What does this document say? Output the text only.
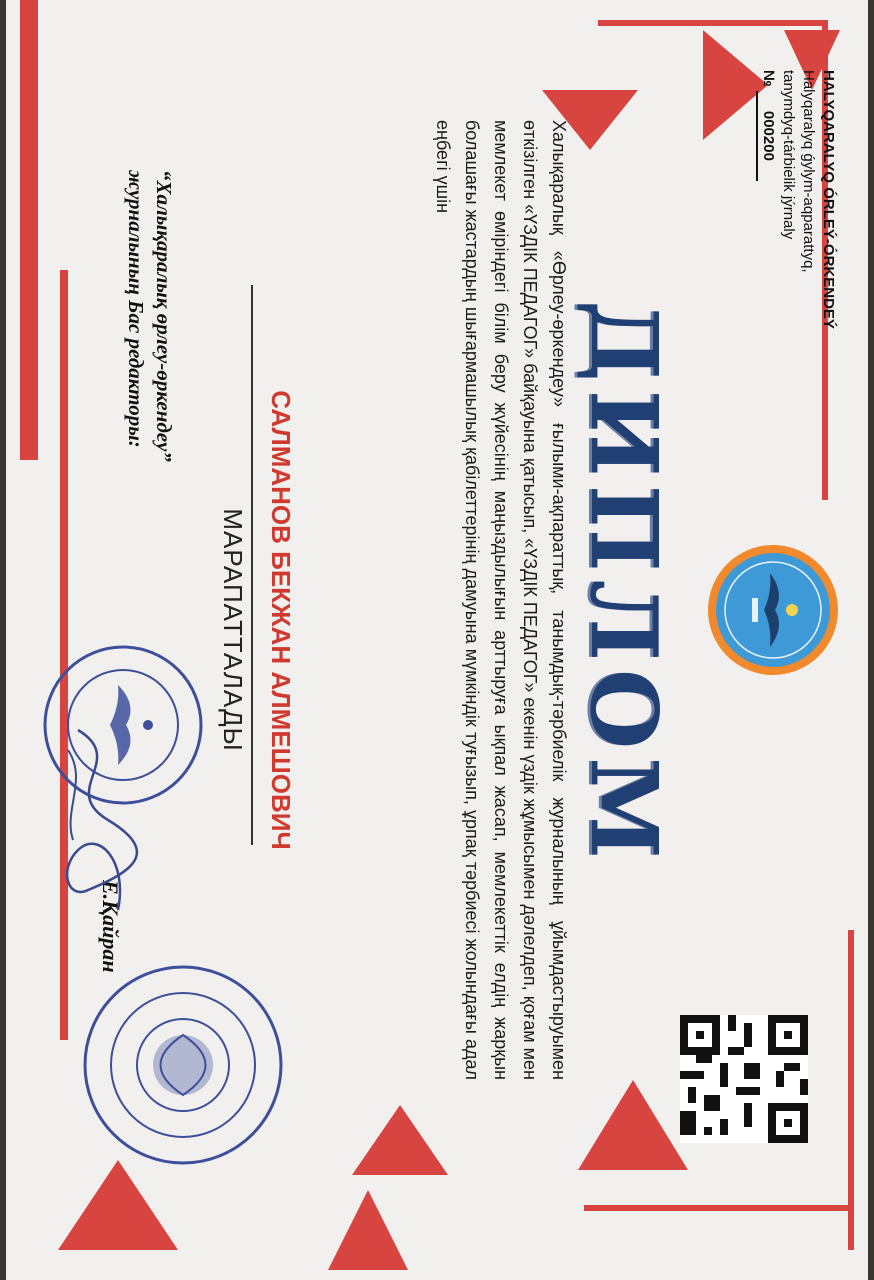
HALYQARALYQ ÓRLEÝ-ÓRKENDEÝ
Halyqaralyq ǵylym-aqparattyq,
tanymdyq-tárbielik jýrnaly
№ 000200
ДИПЛОМ
Халықаралық «Өрлеу-өркендеу» ғылыми-ақпараттық, танымдық-тәрбиелік журналының ұйымдастыруымен өткізілген «ҮЗДІК ПЕДАГОГ» байқауына қатысып, «ҮЗДІК ПЕДАГОГ» екенін үздік жұмысымен дәлелдеп, қоғам мен мемлекет өміріндегі білім беру жүйесінің маңыздылығын арттыруға ықпал жасап, мемлекеттік елдің жарқын болашағы жастардың шығармашылық қабілеттерінің дамуына мүмкіндік туғызып, ұрпақ тәрбиесі жолындағы адал еңбегі үшін
САЛМАНОВ БЕКЖАН АЛМЕШОВИЧ
МАРАПАТТАЛАДЫ
“Халықаралық өрлеу-өркендеу”
журналының Бас редакторы:
Е.Қайран
